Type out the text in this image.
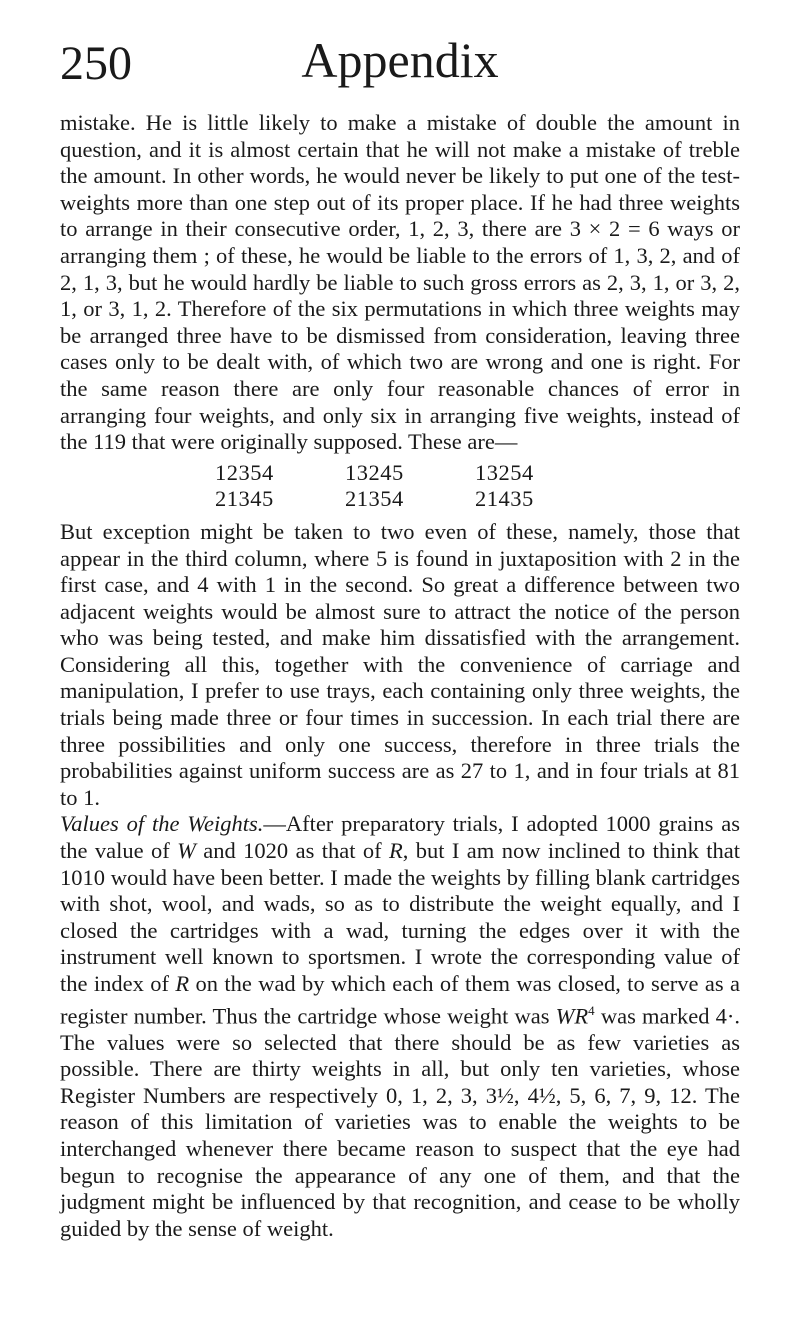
250	Appendix

mistake. He is little likely to make a mistake of double the amount in question, and it is almost certain that he will not make a mistake of treble the amount. In other words, he would never be likely to put one of the test-weights more than one step out of its proper place. If he had three weights to arrange in their consecutive order, 1, 2, 3, there are 3 × 2 = 6 ways or arranging them ; of these, he would be liable to the errors of 1, 3, 2, and of 2, 1, 3, but he would hardly be liable to such gross errors as 2, 3, 1, or 3, 2, 1, or 3, 1, 2. Therefore of the six permutations in which three weights may be arranged three have to be dismissed from consideration, leaving three cases only to be dealt with, of which two are wrong and one is right. For the same reason there are only four reasonable chances of error in arranging four weights, and only six in arranging five weights, instead of the 119 that were originally supposed. These are—

12354	13245	13254
21345	21354	21435

But exception might be taken to two even of these, namely, those that appear in the third column, where 5 is found in juxtaposition with 2 in the first case, and 4 with 1 in the second. So great a difference between two adjacent weights would be almost sure to attract the notice of the person who was being tested, and make him dissatisfied with the arrangement. Considering all this, together with the convenience of carriage and manipulation, I prefer to use trays, each containing only three weights, the trials being made three or four times in succession. In each trial there are three possibilities and only one success, therefore in three trials the probabilities against uniform success are as 27 to 1, and in four trials at 81 to 1.

Values of the Weights.—After preparatory trials, I adopted 1000 grains as the value of W and 1020 as that of R, but I am now inclined to think that 1010 would have been better. I made the weights by filling blank cartridges with shot, wool, and wads, so as to distribute the weight equally, and I closed the cartridges with a wad, turning the edges over it with the instrument well known to sportsmen. I wrote the corresponding value of the index of R on the wad by which each of them was closed, to serve as a register number. Thus the cartridge whose weight was $WR^4$ was marked 4·. The values were so selected that there should be as few varieties as possible. There are thirty weights in all, but only ten varieties, whose Register Numbers are respectively 0, 1, 2, 3, 3½, 4½, 5, 6, 7, 9, 12. The reason of this limitation of varieties was to enable the weights to be interchanged whenever there became reason to suspect that the eye had begun to recognise the appearance of any one of them, and that the judgment might be influenced by that recognition, and cease to be wholly guided by the sense of weight.
